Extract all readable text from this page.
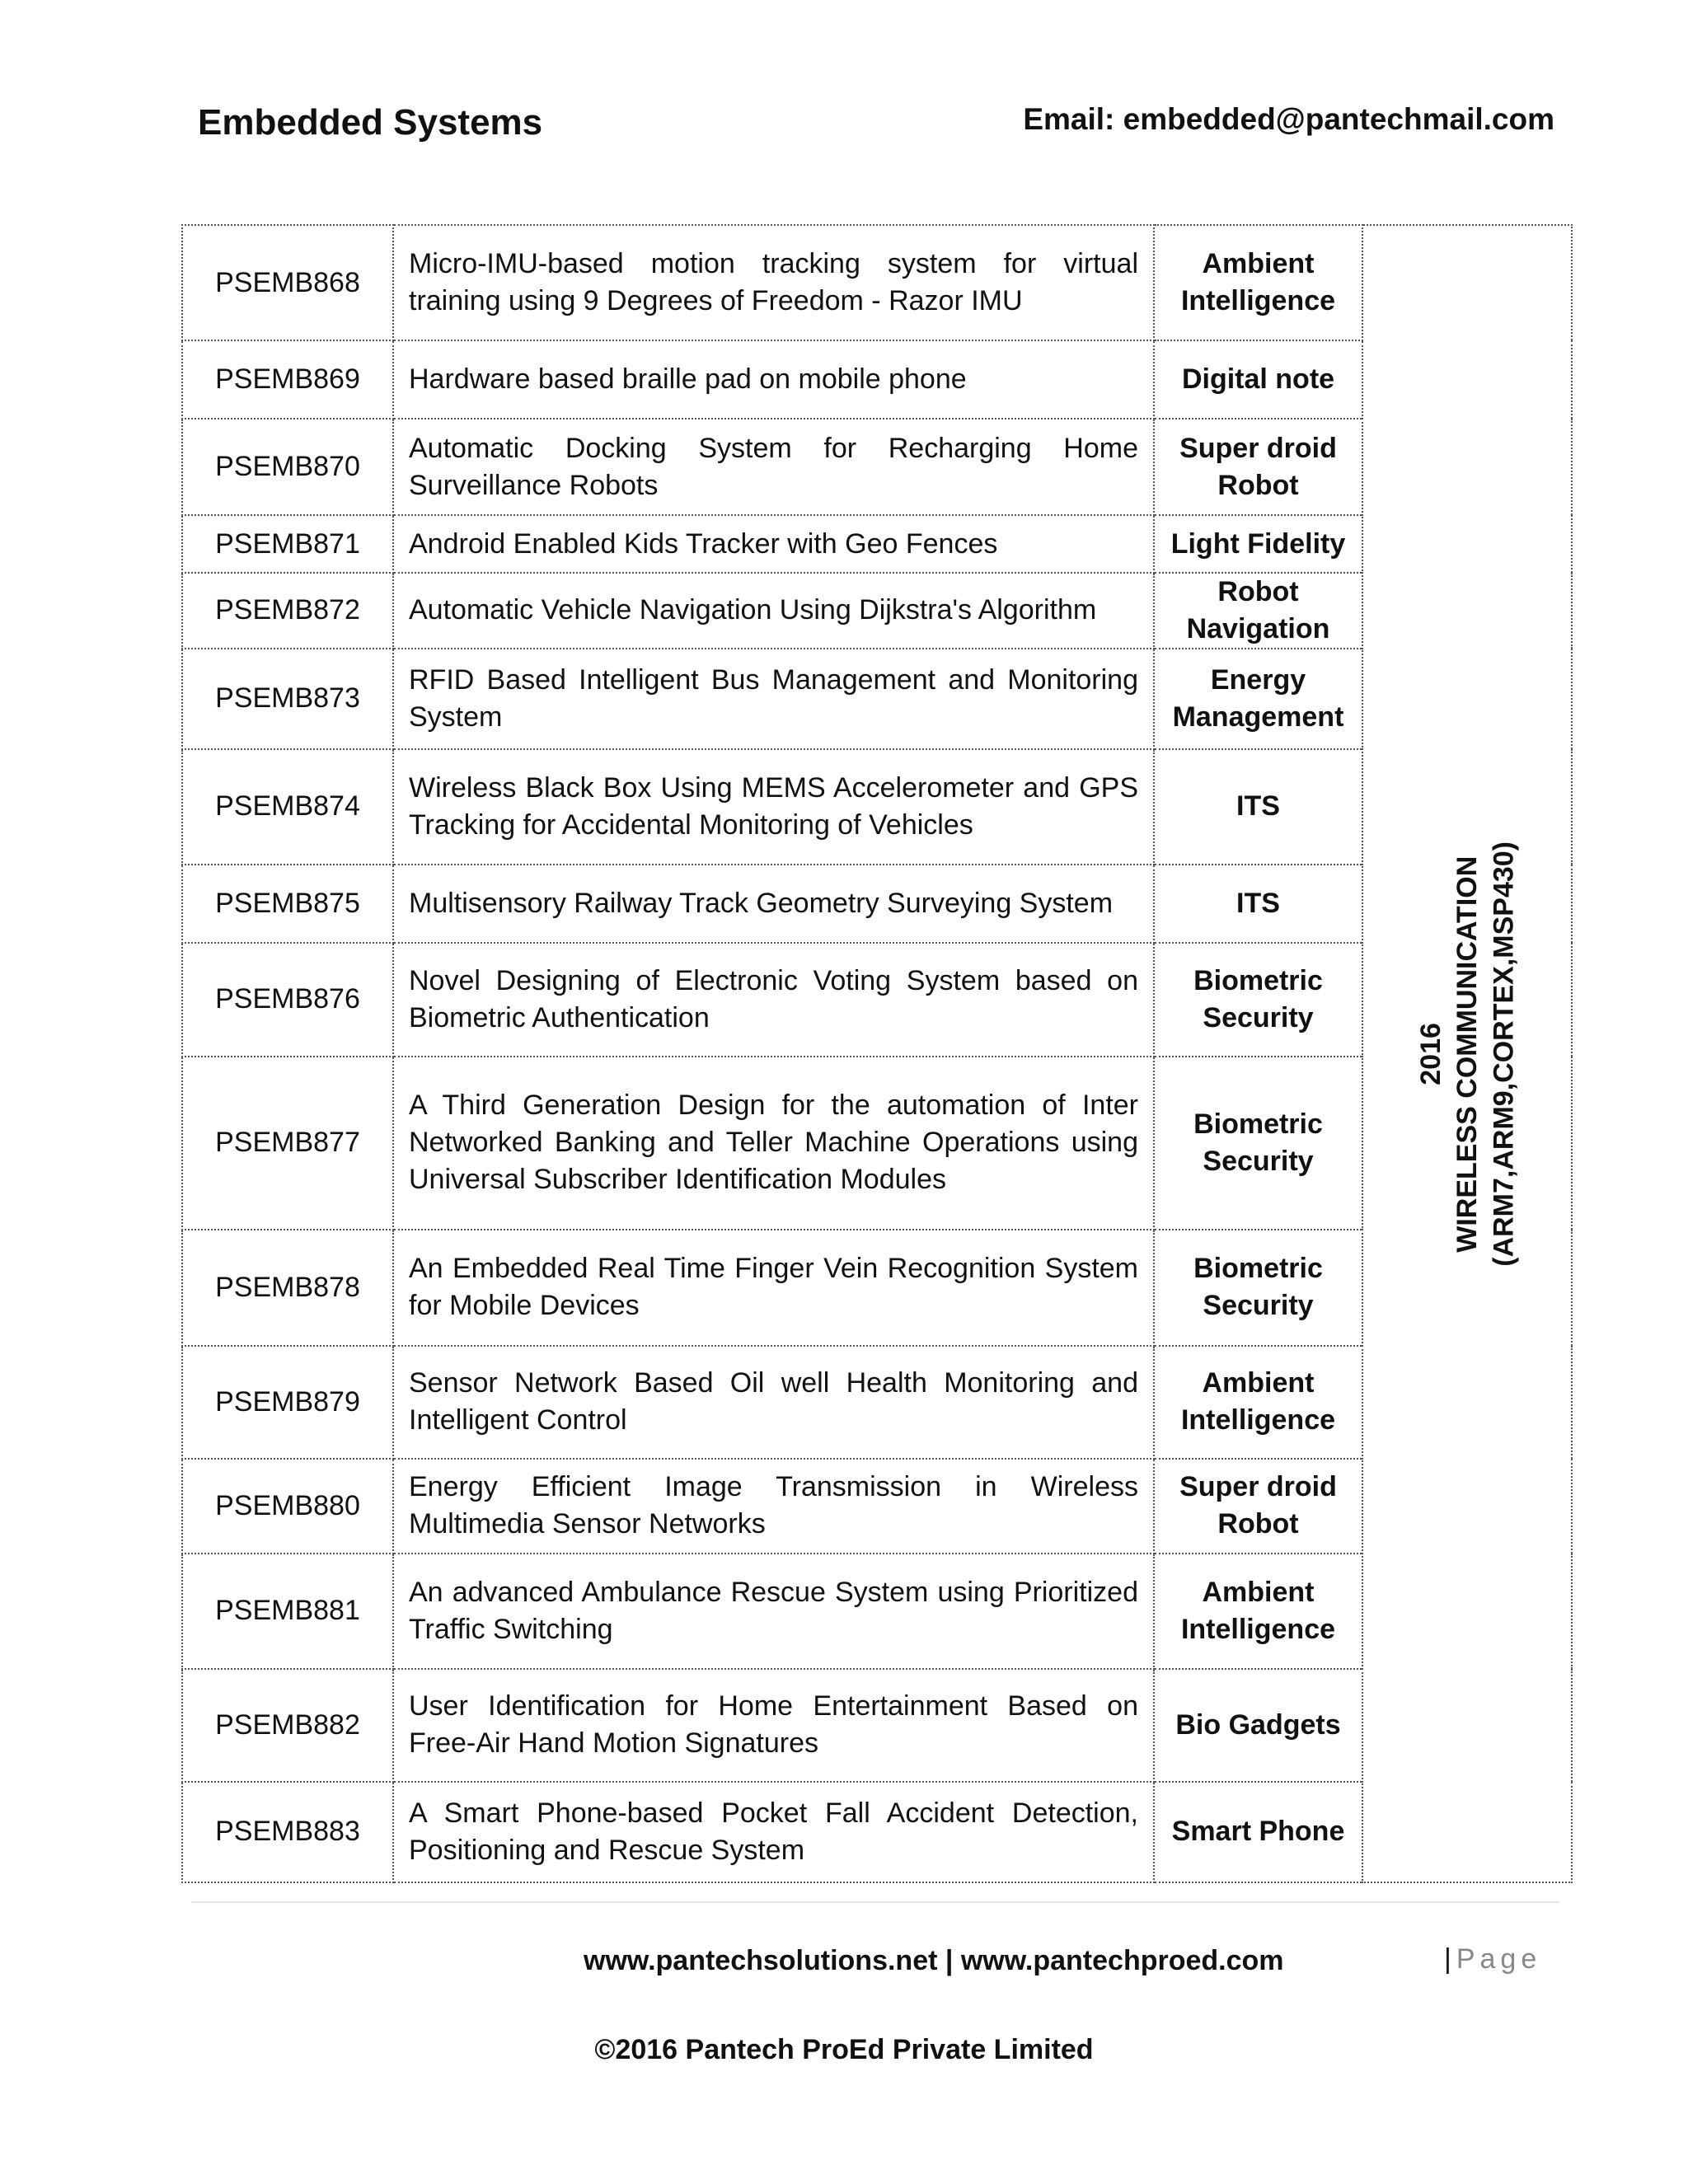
Embedded Systems	Email: embedded@pantechmail.com
PSEMB868	Micro-IMU-based motion tracking system for virtual training using 9 Degrees of Freedom - Razor IMU	Ambient Intelligence	2016 WIRELESS COMMUNICATION (ARM7,ARM9,CORTEX,MSP430)

PSEMB869	Hardware based braille pad on mobile phone	Digital note	
PSEMB870	Automatic Docking System for Recharging Home Surveillance Robots	Super droid Robot	
PSEMB871	Android Enabled Kids Tracker with Geo Fences	Light Fidelity	
PSEMB872	Automatic Vehicle Navigation Using Dijkstra's Algorithm	Robot Navigation	
PSEMB873	RFID Based Intelligent Bus Management and Monitoring System	Energy Management	
PSEMB874	Wireless Black Box Using MEMS Accelerometer and GPS Tracking for Accidental Monitoring of Vehicles	ITS	
PSEMB875	Multisensory Railway Track Geometry Surveying System	ITS	
PSEMB876	Novel Designing of Electronic Voting System based on Biometric Authentication	Biometric Security	
PSEMB877	A Third Generation Design for the automation of Inter Networked Banking and Teller Machine Operations using Universal Subscriber Identification Modules	Biometric Security	
PSEMB878	An Embedded Real Time Finger Vein Recognition System for Mobile Devices	Biometric Security	
PSEMB879	Sensor Network Based Oil well Health Monitoring and Intelligent Control	Ambient Intelligence	
PSEMB880	Energy Efficient Image Transmission in Wireless Multimedia Sensor Networks	Super droid Robot	
PSEMB881	An advanced Ambulance Rescue System using Prioritized Traffic Switching	Ambient Intelligence	
PSEMB882	User Identification for Home Entertainment Based on Free-Air Hand Motion Signatures	Bio Gadgets	
PSEMB883	A Smart Phone-based Pocket Fall Accident Detection, Positioning and Rescue System	Smart Phone	
www.pantechsolutions.net | www.pantechproed.com	| Page
©2016 Pantech ProEd Private Limited
